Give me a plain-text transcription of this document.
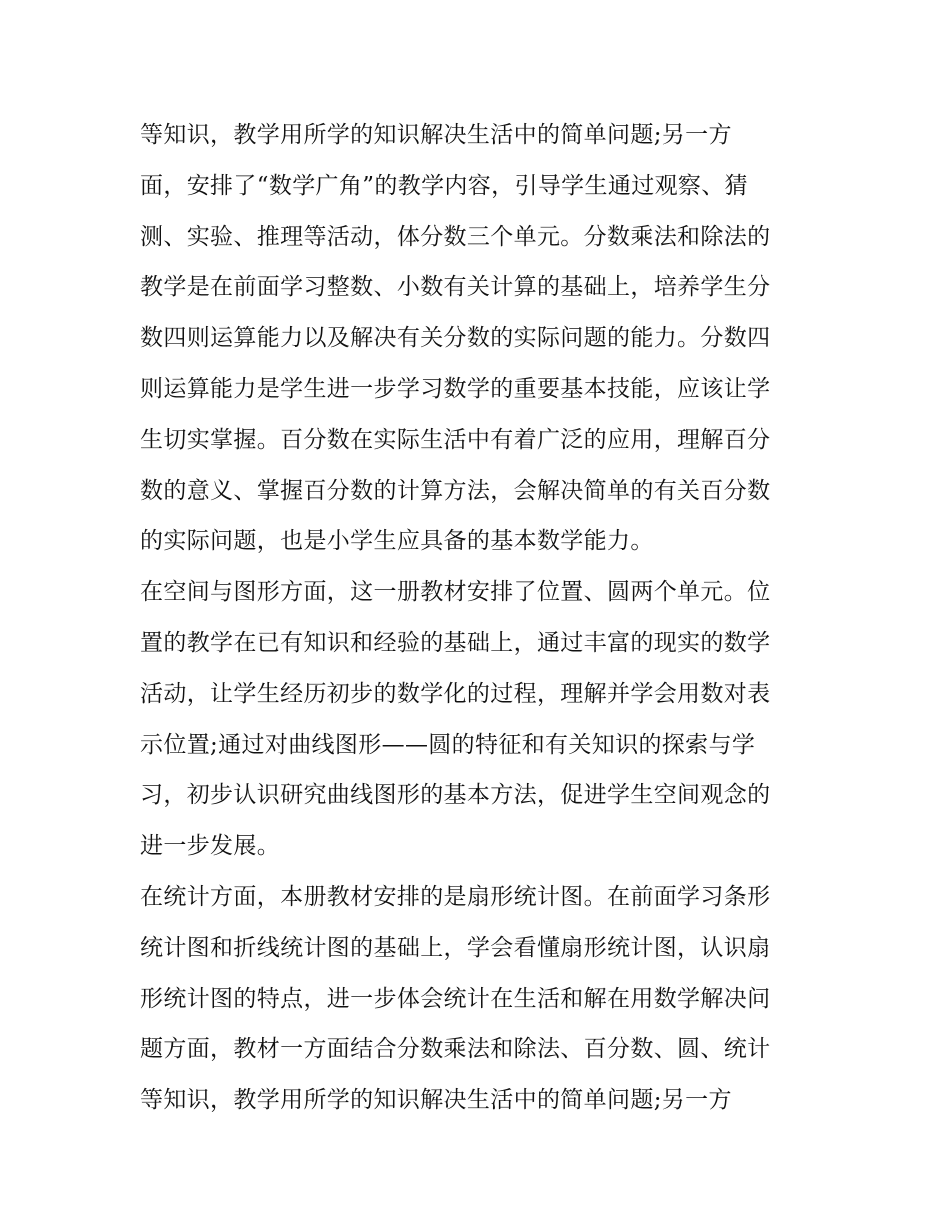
等知识，教学用所学的知识解决生活中的简单问题;另一方
面，安排了“数学广角”的教学内容，引导学生通过观察、猜
测、实验、推理等活动，体分数三个单元。分数乘法和除法的
教学是在前面学习整数、小数有关计算的基础上，培养学生分
数四则运算能力以及解决有关分数的实际问题的能力。分数四
则运算能力是学生进一步学习数学的重要基本技能，应该让学
生切实掌握。百分数在实际生活中有着广泛的应用，理解百分
数的意义、掌握百分数的计算方法，会解决简单的有关百分数
的实际问题，也是小学生应具备的基本数学能力。
在空间与图形方面，这一册教材安排了位置、圆两个单元。位
置的教学在已有知识和经验的基础上，通过丰富的现实的数学
活动，让学生经历初步的数学化的过程，理解并学会用数对表
示位置;通过对曲线图形——圆的特征和有关知识的探索与学
习，初步认识研究曲线图形的基本方法，促进学生空间观念的
进一步发展。
在统计方面，本册教材安排的是扇形统计图。在前面学习条形
统计图和折线统计图的基础上，学会看懂扇形统计图，认识扇
形统计图的特点，进一步体会统计在生活和解在用数学解决问
题方面，教材一方面结合分数乘法和除法、百分数、圆、统计
等知识，教学用所学的知识解决生活中的简单问题;另一方
